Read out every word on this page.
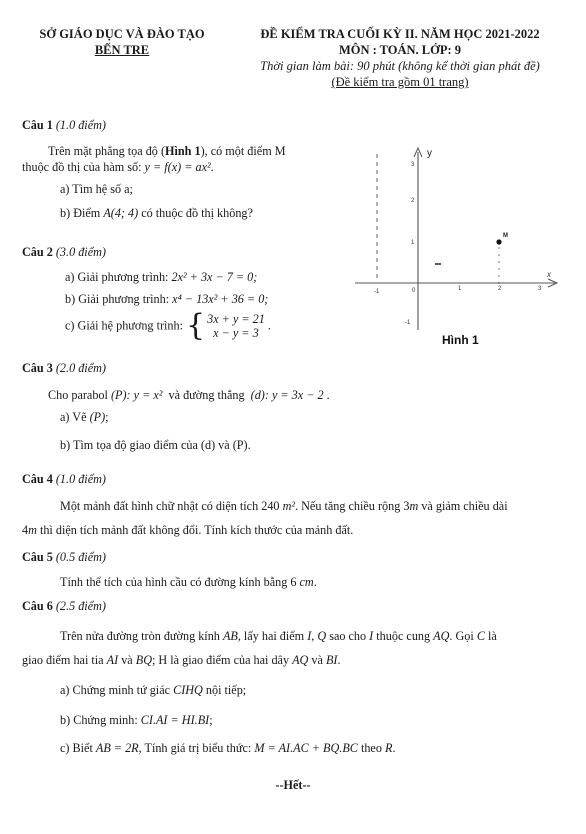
SỞ GIÁO DỤC VÀ ĐÀO TẠO
BẾN TRE
ĐỀ KIỂM TRA CUỐI KỲ II. NĂM HỌC 2021-2022
MÔN : TOÁN. LỚP: 9
Thời gian làm bài: 90 phút (không kể thời gian phát đề)
(Đề kiểm tra gồm 01 trang)
Câu 1 (1.0 điểm)
Trên mặt phẳng tọa độ (Hình 1), có một điểm M
thuộc đồ thị của hàm số: y = f(x) = ax².
a) Tìm hệ số a;
b) Điểm A(4; 4) có thuộc đồ thị không?
Câu 2 (3.0 điểm)
a) Giải phương trình: 2x² + 3x − 7 = 0;
b) Giải phương trình: x⁴ − 13x² + 36 = 0;
c) Giải hệ phương trình: { 3x + y = 21
x − y = 3
.
y
x
-1	0	1	2	3
3
2
1
-1
M
Hình 1
Câu 3 (2.0 điểm)
Cho parabol (P): y = x²  và đường thẳng  (d): y = 3x − 2 .
a) Vẽ (P);
b) Tìm tọa độ giao điểm của (d) và (P).
Câu 4 (1.0 điểm)
Một mảnh đất hình chữ nhật có diện tích 240 m². Nếu tăng chiều rộng 3m và giảm chiều dài
4m thì diện tích mảnh đất không đổi. Tính kích thước của mảnh đất.
Câu 5 (0.5 điểm)
Tính thể tích của hình cầu có đường kính bằng 6 cm.
Câu 6 (2.5 điểm)
Trên nửa đường tròn đường kính AB, lấy hai điểm I, Q sao cho I thuộc cung AQ. Gọi C là
giao điểm hai tia AI và BQ; H là giao điểm của hai dây AQ và BI.
a) Chứng minh tứ giác CIHQ nội tiếp;
b) Chứng minh: CI.AI = HI.BI;
c) Biết AB = 2R, Tính giá trị biểu thức: M = AI.AC + BQ.BC theo R.
--Hết--
